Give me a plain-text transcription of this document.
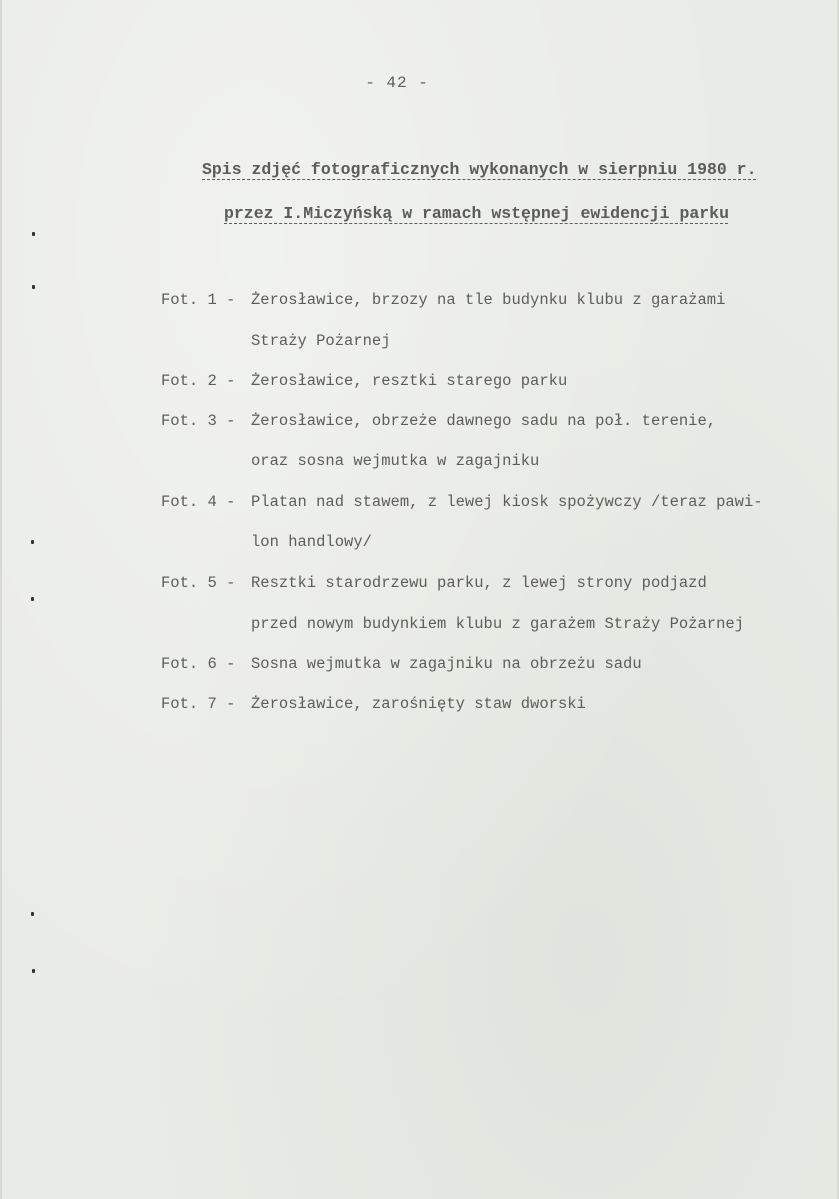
- 42 -
Spis zdjęć fotograficznych wykonanych w sierpniu 1980 r.
przez I.Miczyńską w ramach wstępnej ewidencji parku
Fot. 1 - Żerosławice, brzozy na tle budynku klubu z garażami
Straży Pożarnej
Fot. 2 - Żerosławice, resztki starego parku
Fot. 3 - Żerosławice, obrzeże dawnego sadu na poł. terenie,
oraz sosna wejmutka w zagajniku
Fot. 4 - Platan nad stawem, z lewej kiosk spożywczy /teraz pawi-
lon handlowy/
Fot. 5 - Resztki starodrzewu parku, z lewej strony podjazd
przed nowym budynkiem klubu z garażem Straży Pożarnej
Fot. 6 - Sosna wejmutka w zagajniku na obrzeżu sadu
Fot. 7 - Żerosławice, zarośnięty staw dworski
